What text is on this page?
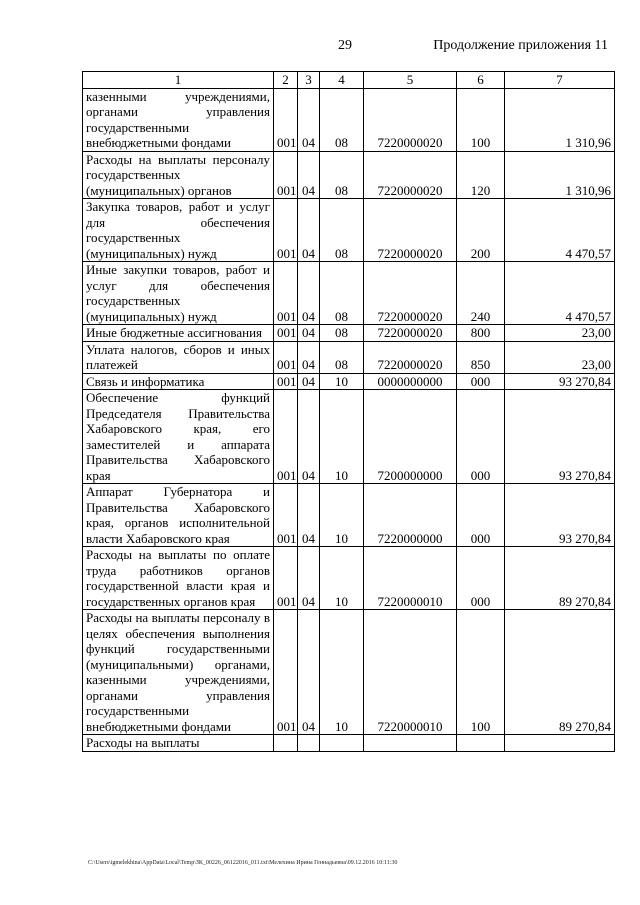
29	Продолжение приложения 11
1	2	3	4	5	6	7

казенными учреждениями, органами управления государственными внебюджетными фондами	001	04	08	7220000020	100	1 310,96

Расходы на выплаты персоналу государственных (муниципальных) органов	001	04	08	7220000020	120	1 310,96

Закупка товаров, работ и услуг для обеспечения государственных (муниципальных) нужд	001	04	08	7220000020	200	4 470,57

Иные закупки товаров, работ и услуг для обеспечения государственных (муниципальных) нужд	001	04	08	7220000020	240	4 470,57

Иные бюджетные ассигнования	001	04	08	7220000020	800	23,00

Уплата налогов, сборов и иных платежей	001	04	08	7220000020	850	23,00

Связь и информатика	001	04	10	0000000000	000	93 270,84

Обеспечение функций Председателя Правительства Хабаровского края, его заместителей и аппарата Правительства Хабаровского края	001	04	10	7200000000	000	93 270,84

Аппарат Губернатора и Правительства Хабаровского края, органов исполнительной власти Хабаровского края	001	04	10	7220000000	000	93 270,84

Расходы на выплаты по оплате труда работников органов государственной власти края и государственных органов края	001	04	10	7220000010	000	89 270,84

Расходы на выплаты персоналу в целях обеспечения выполнения функций государственными (муниципальными) органами, казенными учреждениями, органами управления государственными внебюджетными фондами	001	04	10	7220000010	100	89 270,84

Расходы на выплаты						

C:\Users\igmelekhina\AppData\Local\Temp\ЗК_00226_06122016_011.txt\Мелехина Ирина Геннадьевна\09.12.2016 10:11:30
